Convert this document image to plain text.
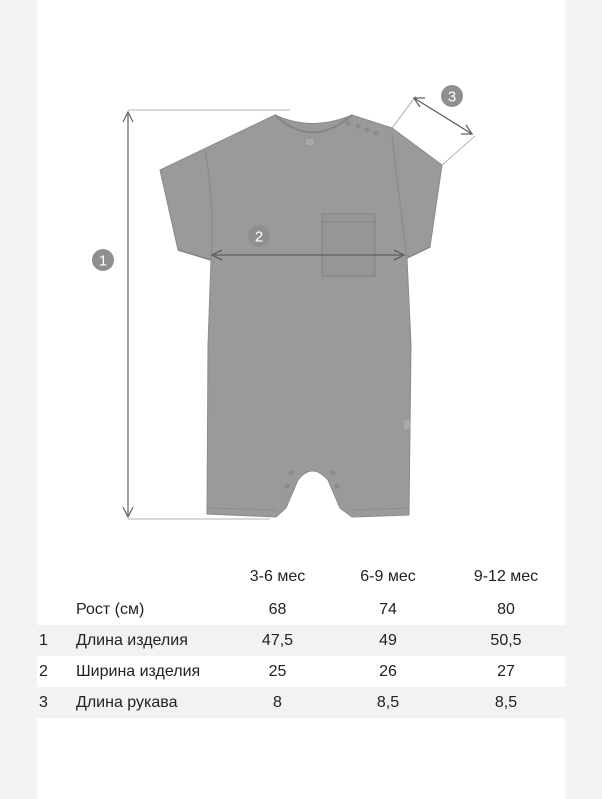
1
2
3
		3-6 мес	6-9 мес	9-12 мес
	Рост (см)	68	74	80
1	Длина изделия	47,5	49	50,5
2	Ширина изделия	25	26	27
3	Длина рукава	8	8,5	8,5
